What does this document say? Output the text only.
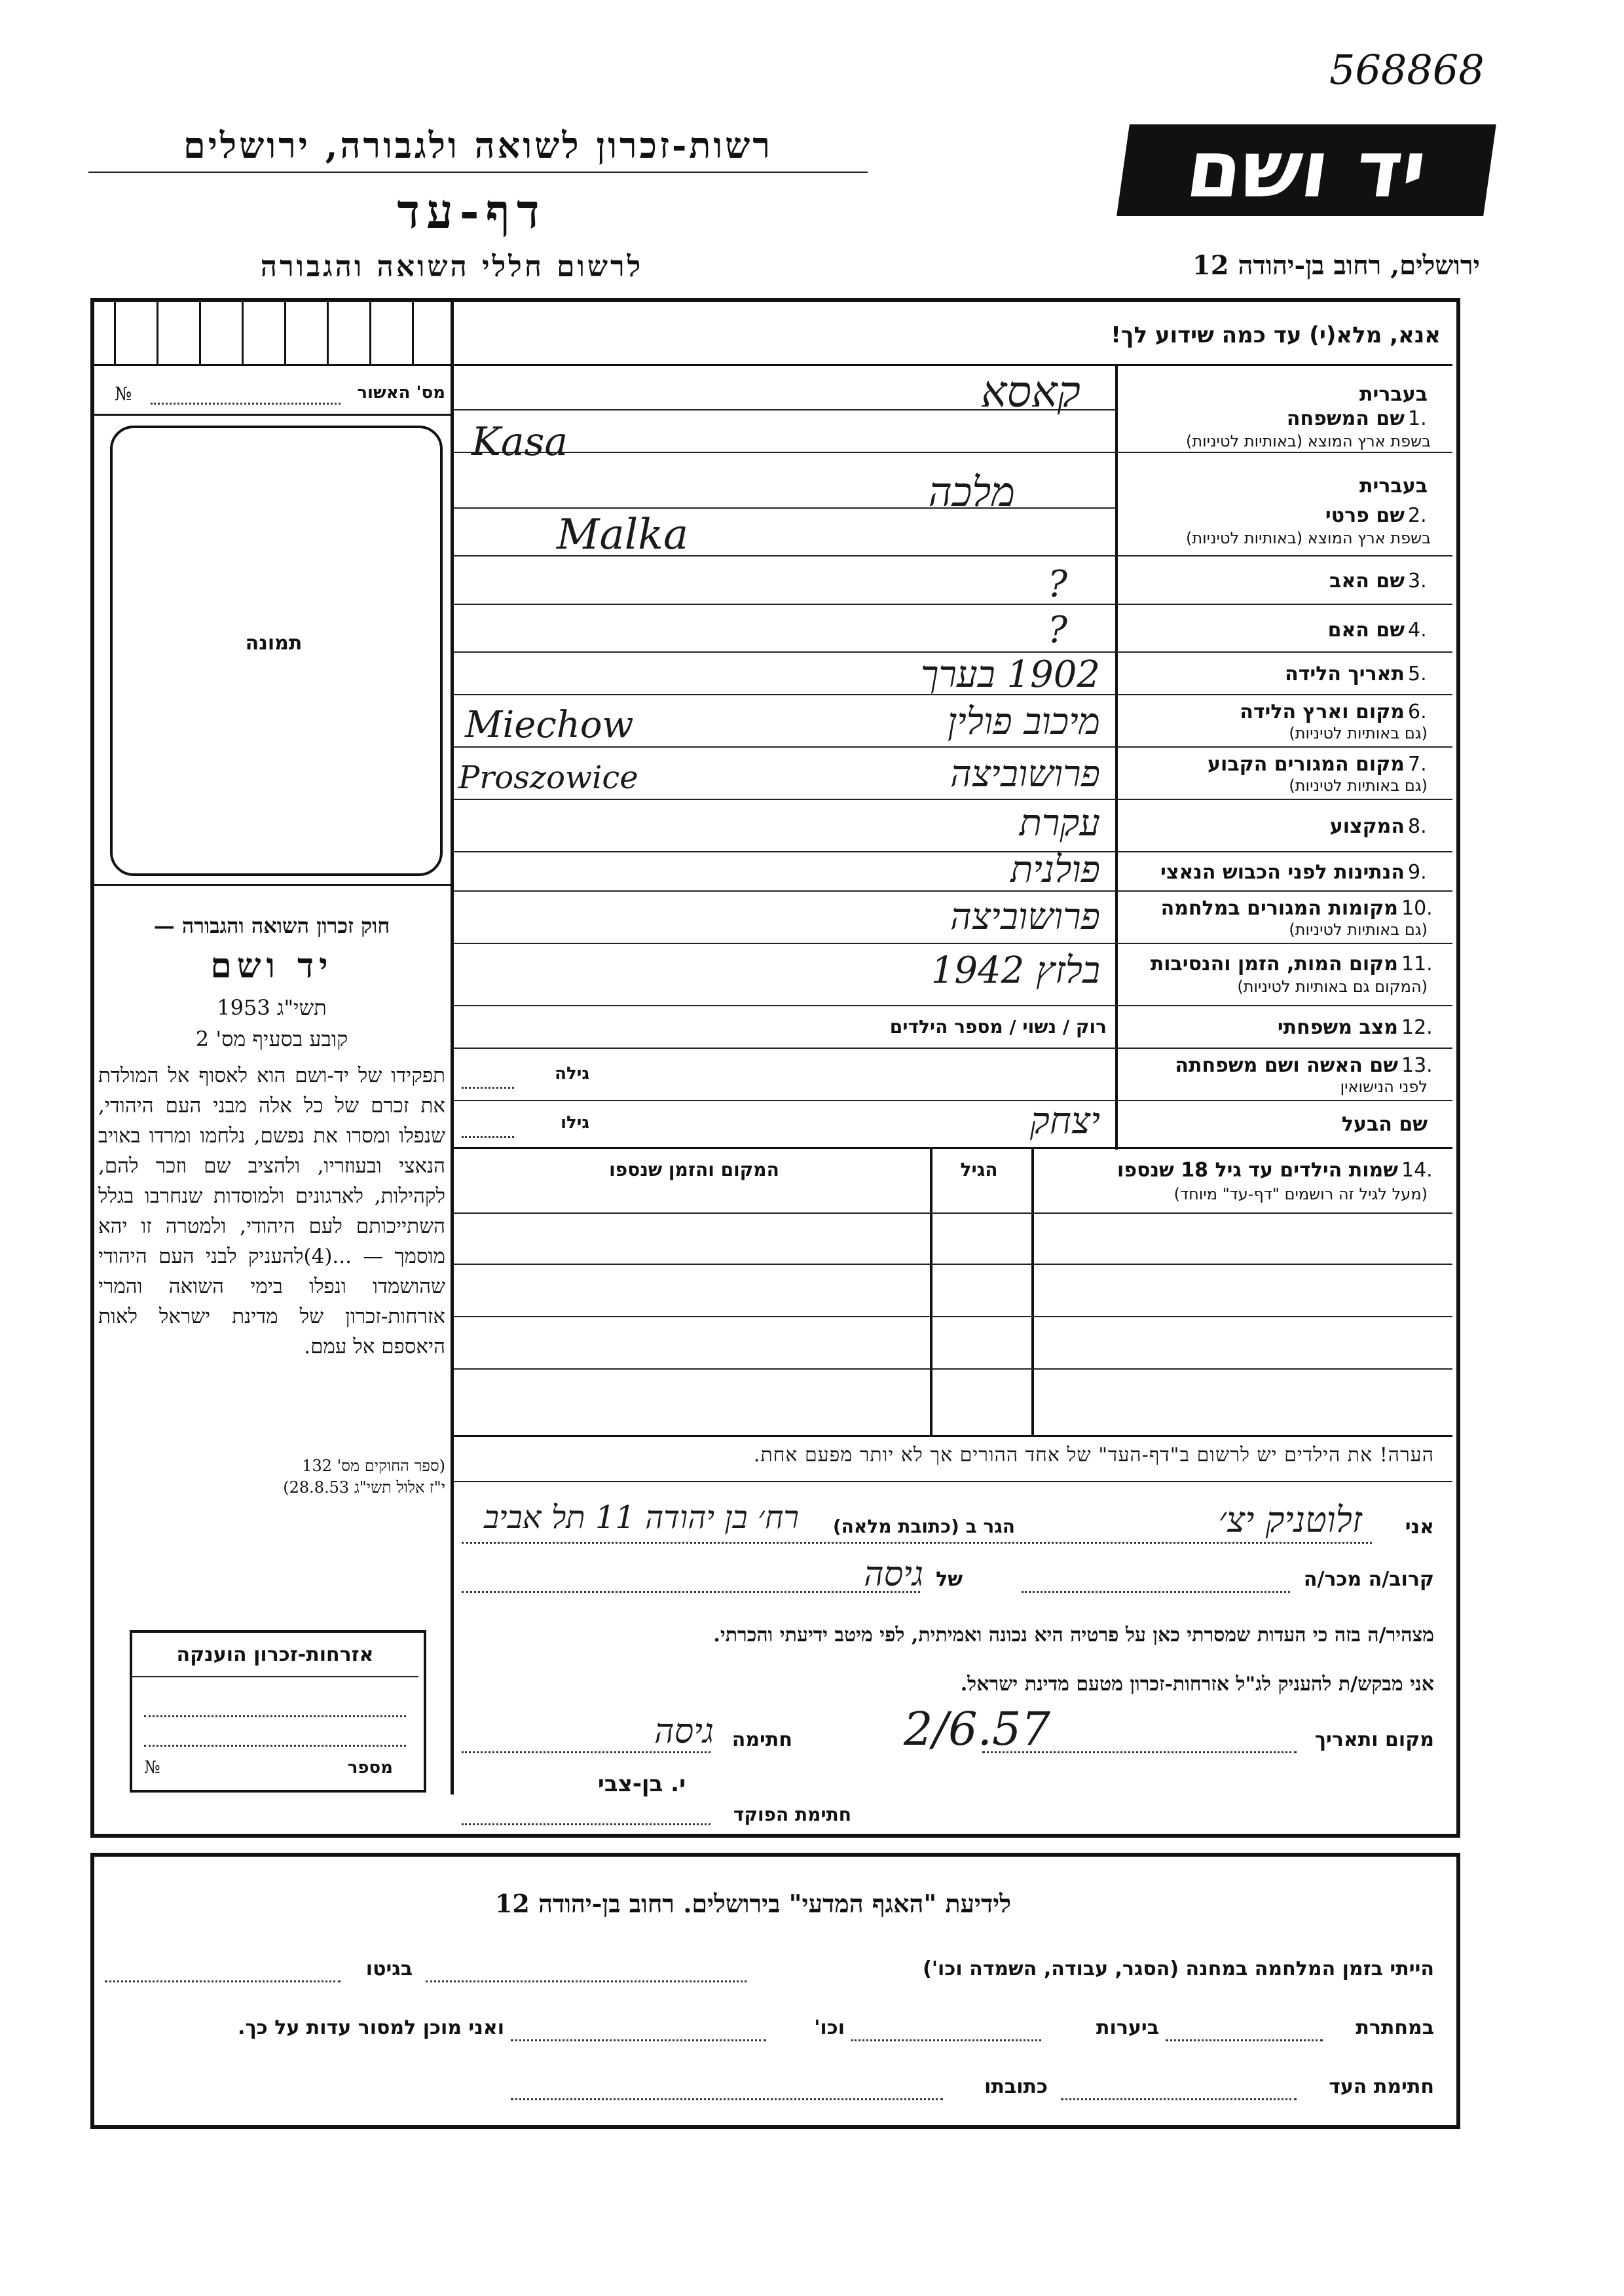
568868
יד ושם
רשות-זכרון לשואה ולגבורה, ירושלים
דף-עד
לרשום חללי השואה והגבורה	ירושלים, רחוב בן-יהודה 12
אנא, מלא(י) עד כמה שידוע לך!
מס' האשור
№
תמונה
חוק זכרון השואה והגבורה —
יד ושם
תשי"ג 1953
קובע בסעיף מס' 2
תפקידו של יד-ושם הוא לאסוף אל המולדת את זכרם של כל אלה מבני העם היהודי, שנפלו ומסרו את נפשם, נלחמו ומרדו באויב הנאצי ובעוזריו, ולהציב שם וזכר להם, לקהילות, לארגונים ולמוסדות שנחרבו בגלל השתייכותם לעם היהודי, ולמטרה זו יהא מוסמך — ...(4)להעניק לבני העם היהודי שהושמדו ונפלו בימי השואה והמרי אזרחות-זכרון של מדינת ישראל לאות היאספם אל עמם.
(ספר החוקים מס' 132
י"ז אלול תשי"ג 28.8.53)
בעברית
1.
שם המשפחה
בשפת ארץ המוצא (באותיות לטיניות)
קאסא
Kasa
בעברית
2.
שם פרטי
בשפת ארץ המוצא (באותיות לטיניות)
מלכה
Malka
3.
שם האב
?
4.
שם האם
?
5.
תאריך הלידה
1902 בערך
6.
מקום וארץ הלידה
(גם באותיות לטיניות)
מיכוב פולין
Miechow
7.
מקום המגורים הקבוע
(גם באותיות לטיניות)
פרושוביצה
Proszowice
8.
המקצוע
עקרת
9.
הנתינות לפני הכבוש הנאצי
פולנית
10.
מקומות המגורים במלחמה
(גם באותיות לטיניות)
פרושוביצה
11.
מקום המות, הזמן והנסיבות
(המקום גם באותיות לטיניות)
בלזץ 1942
12.
מצב משפחתי
רוק / נשוי / מספר הילדים
13.
שם האשה ושם משפחתה
לפני הנישואין
גילה
שם הבעל
גילו	יצחק
14.
שמות הילדים עד גיל 18 שנספו
(מעל לגיל זה רושמים "דף-עד" מיוחד)
הגיל
המקום והזמן שנספו
הערה! את הילדים יש לרשום ב"דף-העד" של אחד ההורים אך לא יותר מפעם אחת.
אני
זלוטניק יצ׳
הגר ב (כתובת מלאה)
רח׳ בן יהודה 11 תל אביב
קרוב/ה מכר/ה
של
גיסה
מצהיר/ה בזה כי העדות שמסרתי כאן על פרטיה היא נכונה ואמיתית, לפי מיטב ידיעתי והכרתי.
אני מבקש/ת להעניק לג"ל אזרחות-זכרון מטעם מדינת ישראל.
מקום ותאריך
2/6.57
חתימה
גיסה
י. בן-צבי
חתימת הפוקד
אזרחות-זכרון הוענקה
מספר
№
לידיעת "האגף המדעי" בירושלים. רחוב בן-יהודה 12
הייתי בזמן המלחמה במחנה (הסגר, עבודה, השמדה וכו')
בגיטו
במחתרת
ביערות
וכו'
ואני מוכן למסור עדות על כך.
חתימת העד
כתובתו
